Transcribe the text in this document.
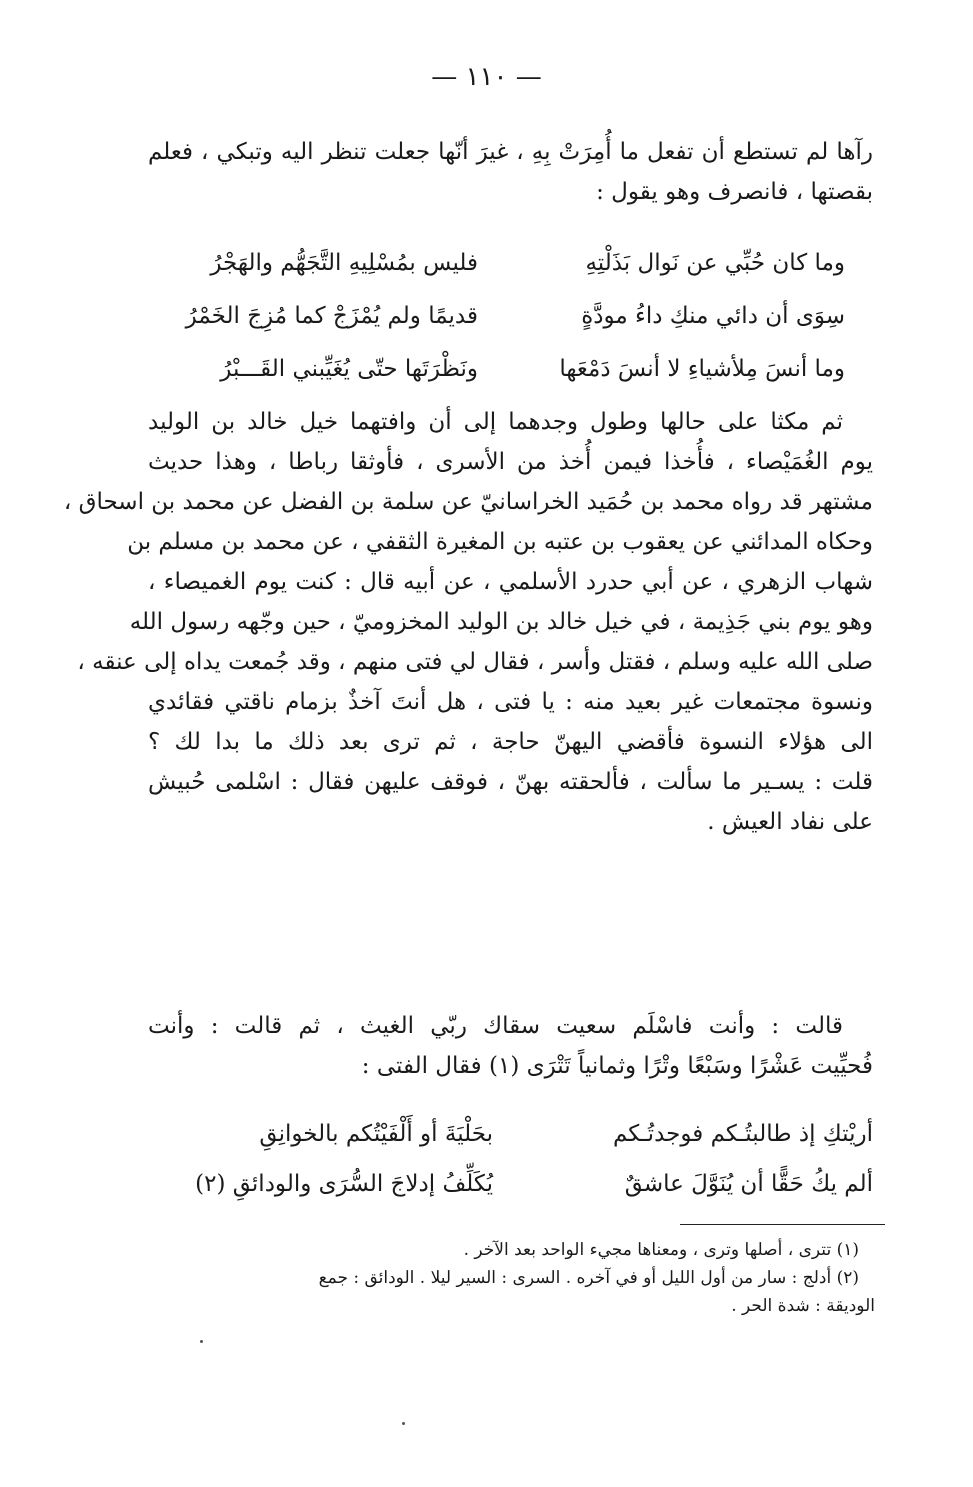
— ١١٠ —
رآها لم تستطع أن تفعل ما أُمِرَتْ بِهِ ، غيرَ أنّها جعلت تنظر اليه وتبكي ، فعلم
بقصتها ، فانصرف وهو يقول :
وما كان حُبِّي عن نَوال بَذَلْتِهِ
فليس بمُسْلِيهِ التَّجَهُّم والهَجْرُ
سِوَى أن دائي منكِ داءُ مودَّةٍ
قديمًا ولم يُمْزَجْ كما مُزِجَ الخَمْرُ
وما أنسَ مِلأشياءِ لا أنسَ دَمْعَها
ونَظْرَتَها حتّى يُغَيِّبني القَـــبْرُ
ثم مكثا على حالها وطول وجدهما إلى أن وافتهما خيل خالد بن الوليد
يوم الغُمَيْصاء ، فأُخذا فيمن أُخذ من الأسرى ، فأوثقا رباطا ، وهذا حديث
مشتهر قد رواه محمد بن حُمَيد الخراسانيّ عن سلمة بن الفضل عن محمد بن اسحاق ،
وحكاه المدائني عن يعقوب بن عتبه بن المغيرة الثقفي ، عن محمد بن مسلم بن
شهاب الزهري ، عن أبي حدرد الأسلمي ، عن أبيه قال : كنت يوم الغميصاء ،
وهو يوم بني جَذِيمة ، في خيل خالد بن الوليد المخزوميّ ، حين وجّهه رسول الله
صلى الله عليه وسلم ، فقتل وأسر ، فقال لي فتى منهم ، وقد جُمعت يداه إلى عنقه ،
ونسوة مجتمعات غير بعيد منه : يا فتى ، هل أنتَ آخذٌ بزمام ناقتي فقائدي
الى هؤلاء النسوة فأقضي اليهنّ حاجة ، ثم ترى بعد ذلك ما بدا لك ؟
قلت : يسـير ما سألت ، فألحقته بهنّ ، فوقف عليهن فقال : اسْلمى حُبيش
على نفاد العيش .
قالت : وأنت فاسْلَم سعيت سقاك ربّي الغيث ، ثم قالت : وأنت
فُحيِّيت عَشْرًا وسَبْعًا وتْرًا وثمانياً تَتْرَى (١) فقال الفتى :
أريْتكِ إذ طالبتُـكم فوجدتُـكم
بحَلْيَةَ أو أَلْفَيْتُكم بالخوانِقِ
ألم يكُ حَقًّا أن يُنَوَّلَ عاشقٌ
يُكَلِّفُ إدلاجَ السُّرَى والودائقِ (٢)
(١) تترى ، أصلها وترى ، ومعناها مجيء الواحد بعد الآخر .
(٢) أدلج : سار من أول الليل أو في آخره . السرى : السير ليلا . الودائق : جمع
الوديقة : شدة الحر .
